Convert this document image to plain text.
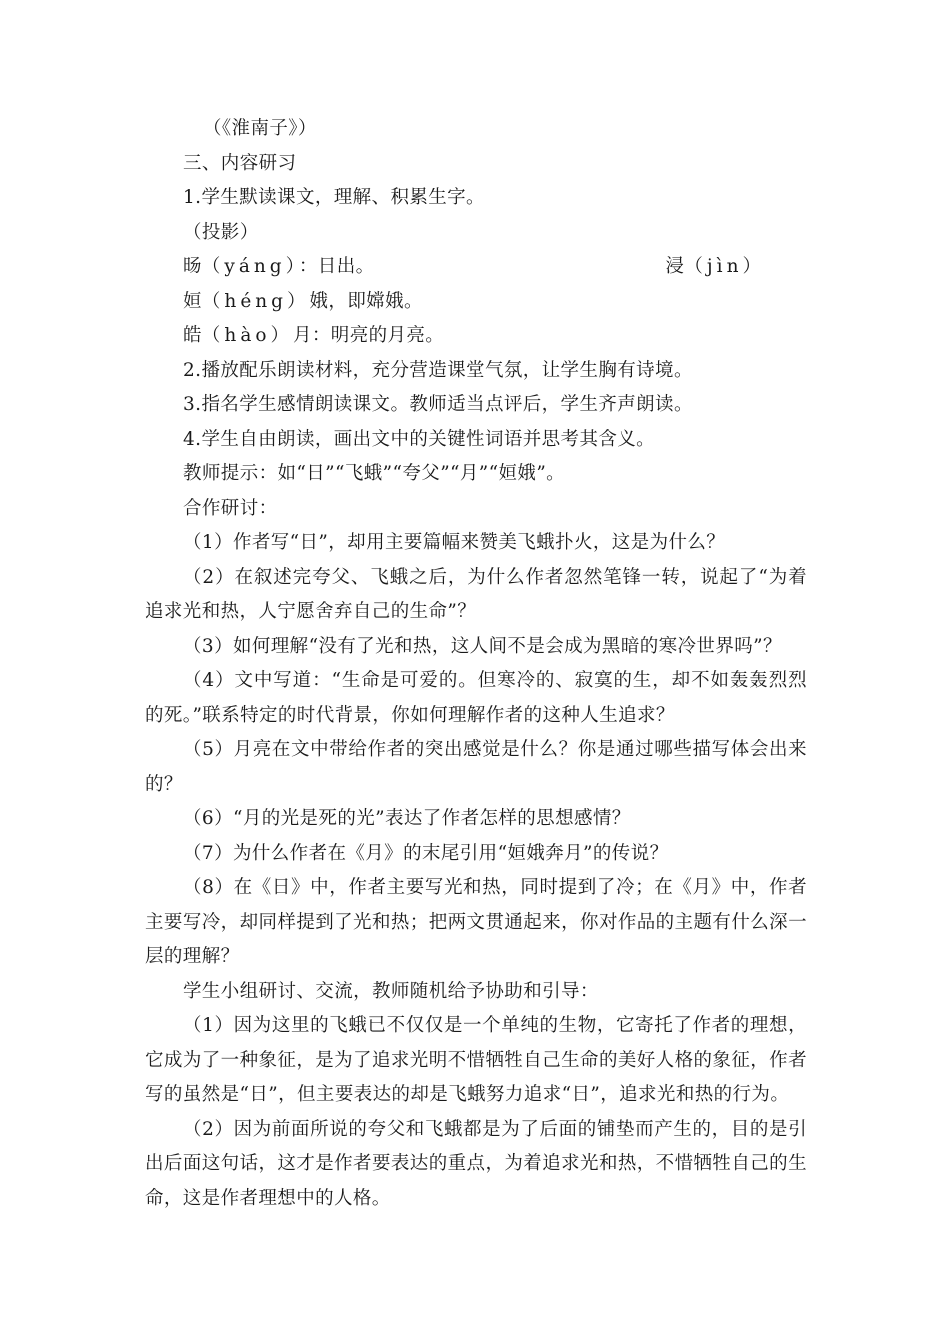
（《淮南子》）

三、内容研习

1.学生默读课文，理解、积累生字。

（投影）

旸（yáng）：日出。	浸（jìn）

姮（héng）娥，即嫦娥。

皓（hào）月：明亮的月亮。

2.播放配乐朗读材料，充分营造课堂气氛，让学生胸有诗境。

3.指名学生感情朗读课文。教师适当点评后，学生齐声朗读。

4.学生自由朗读，画出文中的关键性词语并思考其含义。

教师提示：如“日”“飞蛾”“夸父”“月”“姮娥”。

合作研讨：

（1）作者写“日”，却用主要篇幅来赞美飞蛾扑火，这是为什么？

（2）在叙述完夸父、飞蛾之后，为什么作者忽然笔锋一转，说起了“为着追求光和热，人宁愿舍弃自己的生命”？

（3）如何理解“没有了光和热，这人间不是会成为黑暗的寒冷世界吗”？

（4）文中写道：“生命是可爱的。但寒冷的、寂寞的生，却不如轰轰烈烈的死。”联系特定的时代背景，你如何理解作者的这种人生追求？

（5）月亮在文中带给作者的突出感觉是什么？你是通过哪些描写体会出来的？

（6）“月的光是死的光”表达了作者怎样的思想感情？

（7）为什么作者在《月》的末尾引用“姮娥奔月”的传说？

（8）在《日》中，作者主要写光和热，同时提到了冷；在《月》中，作者主要写冷，却同样提到了光和热；把两文贯通起来，你对作品的主题有什么深一层的理解？

学生小组研讨、交流，教师随机给予协助和引导：

（1）因为这里的飞蛾已不仅仅是一个单纯的生物，它寄托了作者的理想，它成为了一种象征，是为了追求光明不惜牺牲自己生命的美好人格的象征，作者写的虽然是“日”，但主要表达的却是飞蛾努力追求“日”，追求光和热的行为。

（2）因为前面所说的夸父和飞蛾都是为了后面的铺垫而产生的，目的是引出后面这句话，这才是作者要表达的重点，为着追求光和热，不惜牺牲自己的生命，这是作者理想中的人格。
